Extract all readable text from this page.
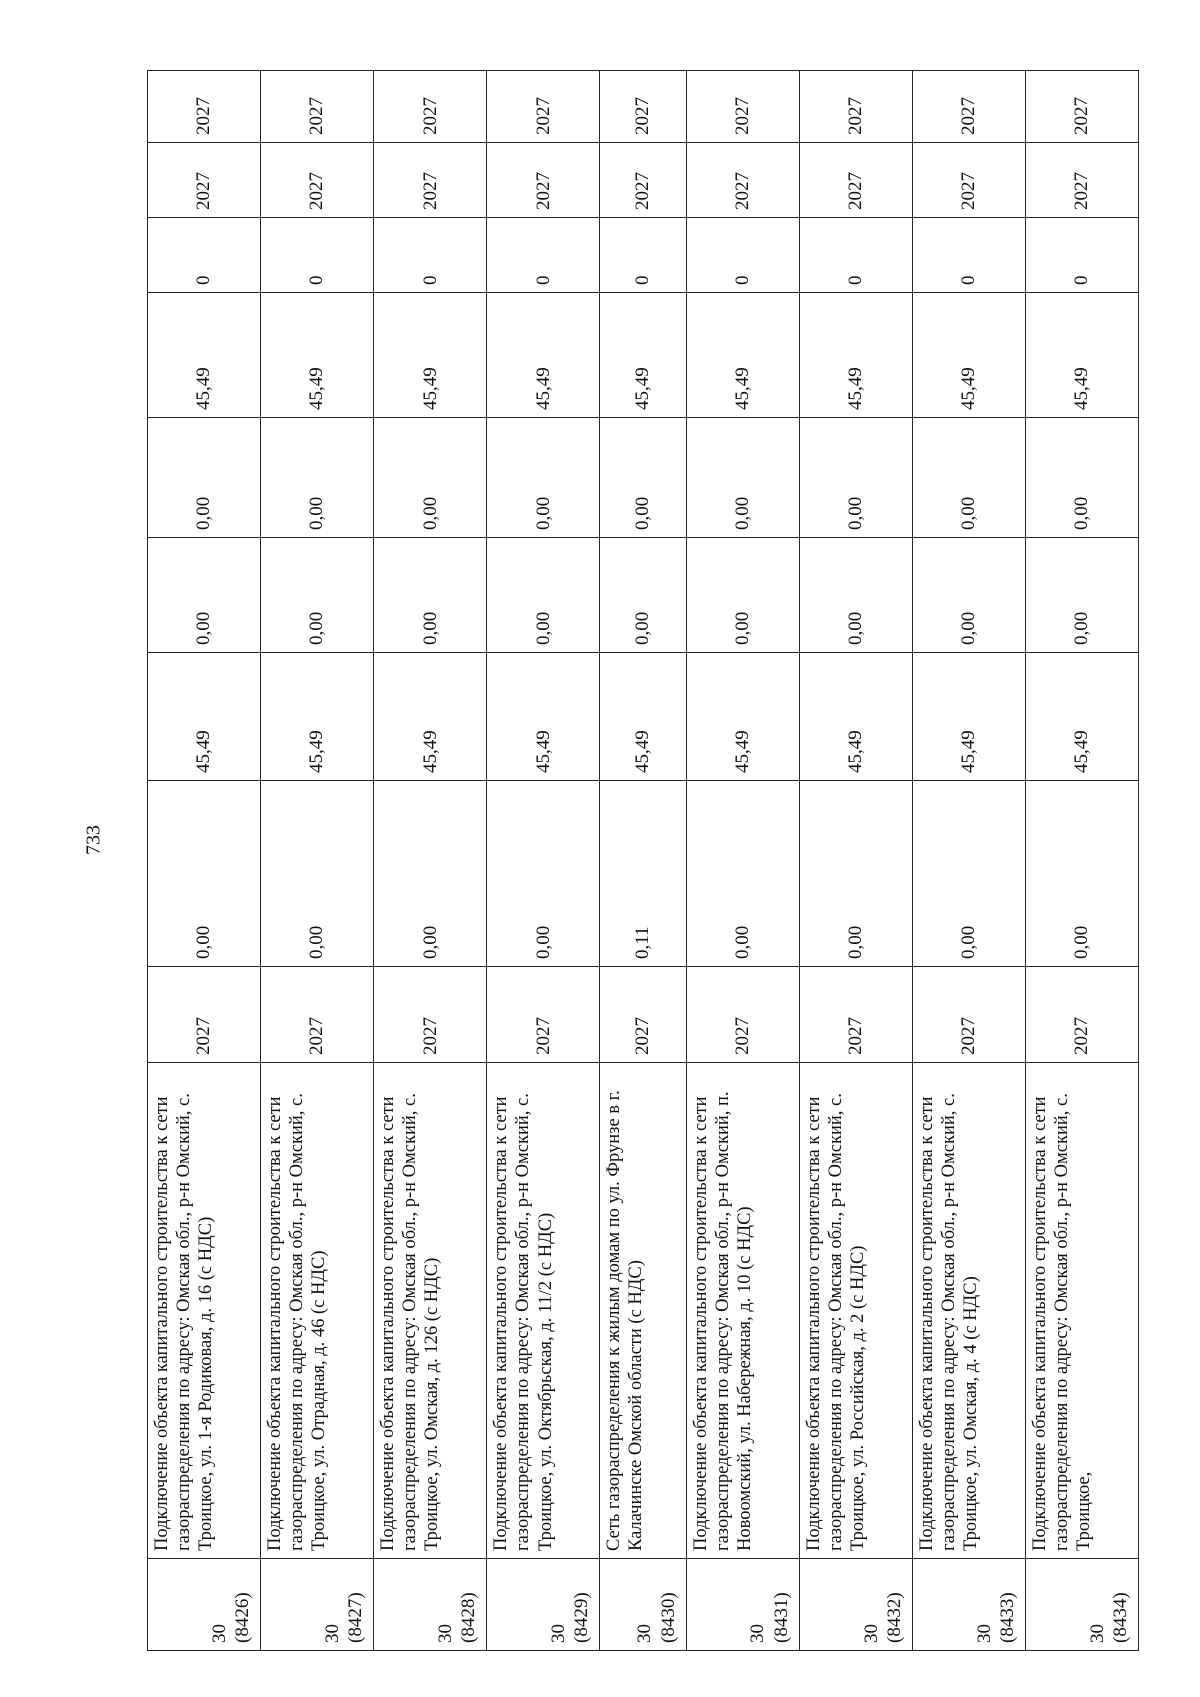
733
30 (8426)	Подключение объекта капитального строительства к сети газораспределения по адресу: Омская обл., р-н Омский, с. Троицкое, ул. 1-я Родиковая, д. 16 (с НДС)	2027	0,00	45,49	0,00	0,00	45,49	0	2027	2027
30 (8427)	Подключение объекта капитального строительства к сети газораспределения по адресу: Омская обл., р-н Омский, с. Троицкое, ул. Отрадная, д. 46 (с НДС)	2027	0,00	45,49	0,00	0,00	45,49	0	2027	2027
30 (8428)	Подключение объекта капитального строительства к сети газораспределения по адресу: Омская обл., р-н Омский, с. Троицкое, ул. Омская, д. 126 (с НДС)	2027	0,00	45,49	0,00	0,00	45,49	0	2027	2027
30 (8429)	Подключение объекта капитального строительства к сети газораспределения по адресу: Омская обл., р-н Омский, с. Троицкое, ул. Октябрьская, д. 11/2 (с НДС)	2027	0,00	45,49	0,00	0,00	45,49	0	2027	2027
30 (8430)	Сеть газораспределения к жилым домам по ул. Фрунзе в г. Калачинске Омской области (с НДС)	2027	0,11	45,49	0,00	0,00	45,49	0	2027	2027
30 (8431)	Подключение объекта капитального строительства к сети газораспределения по адресу: Омская обл., р-н Омский, п. Новоомский, ул. Набережная, д. 10 (с НДС)	2027	0,00	45,49	0,00	0,00	45,49	0	2027	2027
30 (8432)	Подключение объекта капитального строительства к сети газораспределения по адресу: Омская обл., р-н Омский, с. Троицкое, ул. Российская, д. 2 (с НДС)	2027	0,00	45,49	0,00	0,00	45,49	0	2027	2027
30 (8433)	Подключение объекта капитального строительства к сети газораспределения по адресу: Омская обл., р-н Омский, с. Троицкое, ул. Омская, д. 4 (с НДС)	2027	0,00	45,49	0,00	0,00	45,49	0	2027	2027
30 (8434)	Подключение объекта капитального строительства к сети газораспределения по адресу: Омская обл., р-н Омский, с. Троицкое,	2027	0,00	45,49	0,00	0,00	45,49	0	2027	2027
